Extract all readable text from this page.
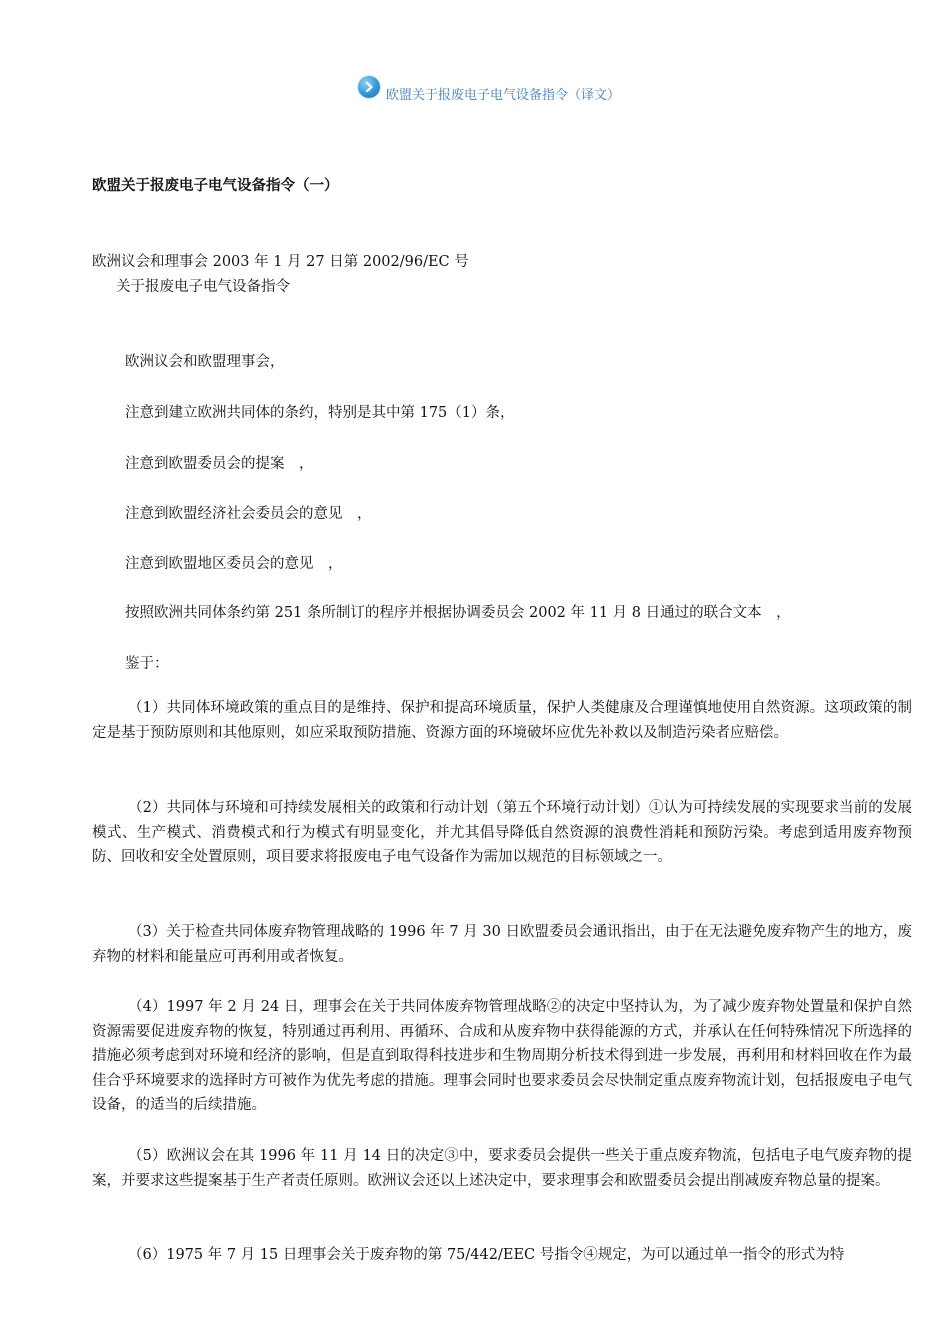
欧盟关于报废电子电气设备指令（译文）
欧盟关于报废电子电气设备指令（一）
欧洲议会和理事会 2003 年 1 月 27 日第 2002/96/EC 号
关于报废电子电气设备指令
欧洲议会和欧盟理事会，
注意到建立欧洲共同体的条约，特别是其中第 175（1）条，
注意到欧盟委员会的提案　，
注意到欧盟经济社会委员会的意见　，
注意到欧盟地区委员会的意见　，
按照欧洲共同体条约第 251 条所制订的程序并根据协调委员会 2002 年 11 月 8 日通过的联合文本　，
鉴于：

（1）共同体环境政策的重点目的是维持、保护和提高环境质量，保护人类健康及合理谨慎地使用自然资源。这项政策的制定是基于预防原则和其他原则，如应采取预防措施、资源方面的环境破坏应优先补救以及制造污染者应赔偿。

（2）共同体与环境和可持续发展相关的政策和行动计划（第五个环境行动计划）①认为可持续发展的实现要求当前的发展模式、生产模式、消费模式和行为模式有明显变化，并尤其倡导降低自然资源的浪费性消耗和预防污染。考虑到适用废弃物预防、回收和安全处置原则，项目要求将报废电子电气设备作为需加以规范的目标领域之一。

（3）关于检查共同体废弃物管理战略的 1996 年 7 月 30 日欧盟委员会通讯指出，由于在无法避免废弃物产生的地方，废弃物的材料和能量应可再利用或者恢复。

（4）1997 年 2 月 24 日，理事会在关于共同体废弃物管理战略②的决定中坚持认为，为了减少废弃物处置量和保护自然资源需要促进废弃物的恢复，特别通过再利用、再循环、合成和从废弃物中获得能源的方式，并承认在任何特殊情况下所选择的措施必须考虑到对环境和经济的影响，但是直到取得科技进步和生物周期分析技术得到进一步发展，再利用和材料回收在作为最佳合乎环境要求的选择时方可被作为优先考虑的措施。理事会同时也要求委员会尽快制定重点废弃物流计划，包括报废电子电气设备，的适当的后续措施。

（5）欧洲议会在其 1996 年 11 月 14 日的决定③中，要求委员会提供一些关于重点废弃物流，包括电子电气废弃物的提案，并要求这些提案基于生产者责任原则。欧洲议会还以上述决定中，要求理事会和欧盟委员会提出削减废弃物总量的提案。

（6）1975 年 7 月 15 日理事会关于废弃物的第 75/442/EEC 号指令④规定，为可以通过单一指令的形式为特
